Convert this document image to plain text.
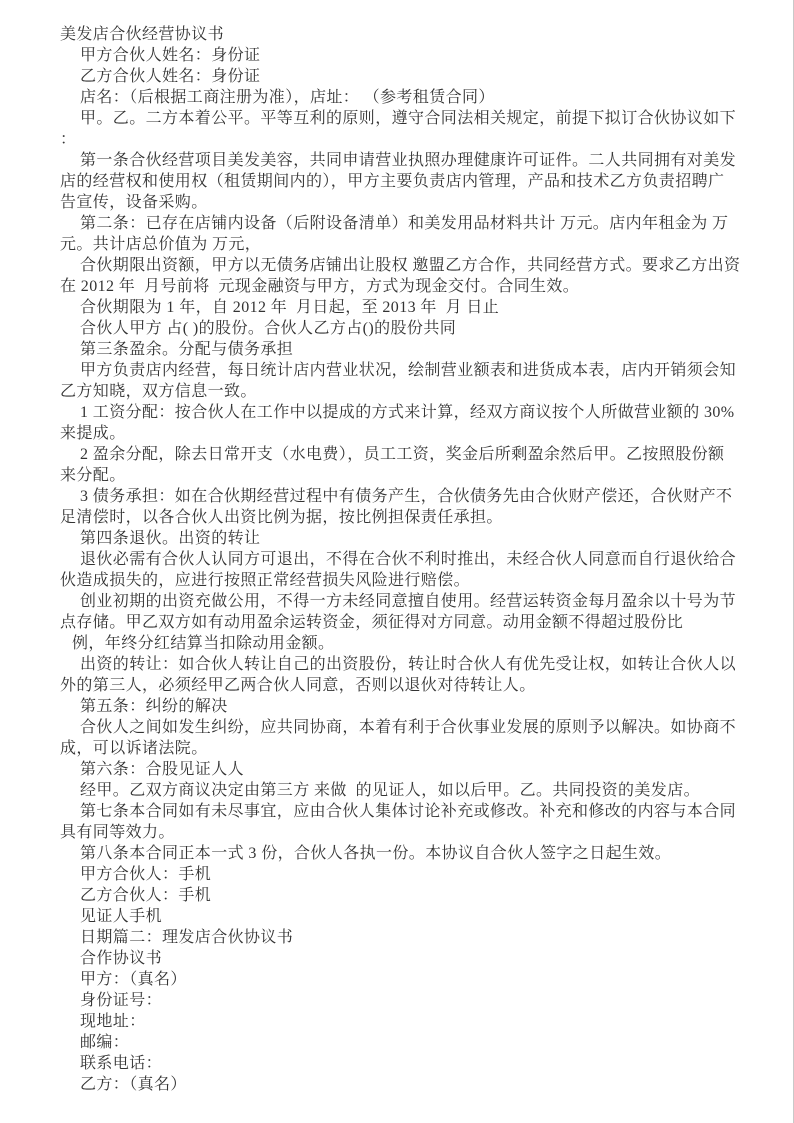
美发店合伙经营协议书
甲方合伙人姓名：身份证
乙方合伙人姓名：身份证
店名：（后根据工商注册为准），店址： （参考租赁合同）
甲。乙。二方本着公平。平等互利的原则，遵守合同法相关规定，前提下拟订合伙协议如下
：
第一条合伙经营项目美发美容，共同申请营业执照办理健康许可证件。二人共同拥有对美发
店的经营权和使用权（租赁期间内的），甲方主要负责店内管理，产品和技术乙方负责招聘广
告宣传，设备采购。
第二条：已存在店铺内设备（后附设备清单）和美发用品材料共计 万元。店内年租金为 万
元。共计店总价值为 万元，
合伙期限出资额，甲方以无债务店铺出让股权 邀盟乙方合作，共同经营方式。要求乙方出资
在 2012 年  月号前将  元现金融资与甲方，方式为现金交付。合同生效。
合伙期限为 1 年，自 2012 年  月日起，至 2013 年  月 日止
合伙人甲方 占( )的股份。合伙人乙方占()的股份共同
第三条盈余。分配与债务承担
甲方负责店内经营，每日统计店内营业状况，绘制营业额表和进货成本表，店内开销须会知
乙方知晓，双方信息一致。
1 工资分配：按合伙人在工作中以提成的方式来计算，经双方商议按个人所做营业额的 30%
来提成。
2 盈余分配，除去日常开支（水电费），员工工资，奖金后所剩盈余然后甲。乙按照股份额
来分配。
3 债务承担：如在合伙期经营过程中有债务产生，合伙债务先由合伙财产偿还，合伙财产不
足清偿时，以各合伙人出资比例为据，按比例担保责任承担。
第四条退伙。出资的转让
退伙必需有合伙人认同方可退出，不得在合伙不利时推出，未经合伙人同意而自行退伙给合
伙造成损失的，应进行按照正常经营损失风险进行赔偿。
创业初期的出资充做公用，不得一方未经同意擅自使用。经营运转资金每月盈余以十号为节
点存储。甲乙双方如有动用盈余运转资金，须征得对方同意。动用金额不得超过股份比
例，年终分红结算当扣除动用金额。
出资的转让：如合伙人转让自己的出资股份，转让时合伙人有优先受让权，如转让合伙人以
外的第三人，必须经甲乙两合伙人同意，否则以退伙对待转让人。
第五条：纠纷的解决
合伙人之间如发生纠纷，应共同协商，本着有利于合伙事业发展的原则予以解决。如协商不
成，可以诉诸法院。
第六条：合股见证人人
经甲。乙双方商议决定由第三方 来做  的见证人，如以后甲。乙。共同投资的美发店。
第七条本合同如有未尽事宜，应由合伙人集体讨论补充或修改。补充和修改的内容与本合同
具有同等效力。
第八条本合同正本一式 3 份，合伙人各执一份。本协议自合伙人签字之日起生效。
甲方合伙人：手机
乙方合伙人：手机
见证人手机
日期篇二：理发店合伙协议书
合作协议书
甲方：（真名）
身份证号：
现地址：
邮编：
联系电话：
乙方：（真名）
